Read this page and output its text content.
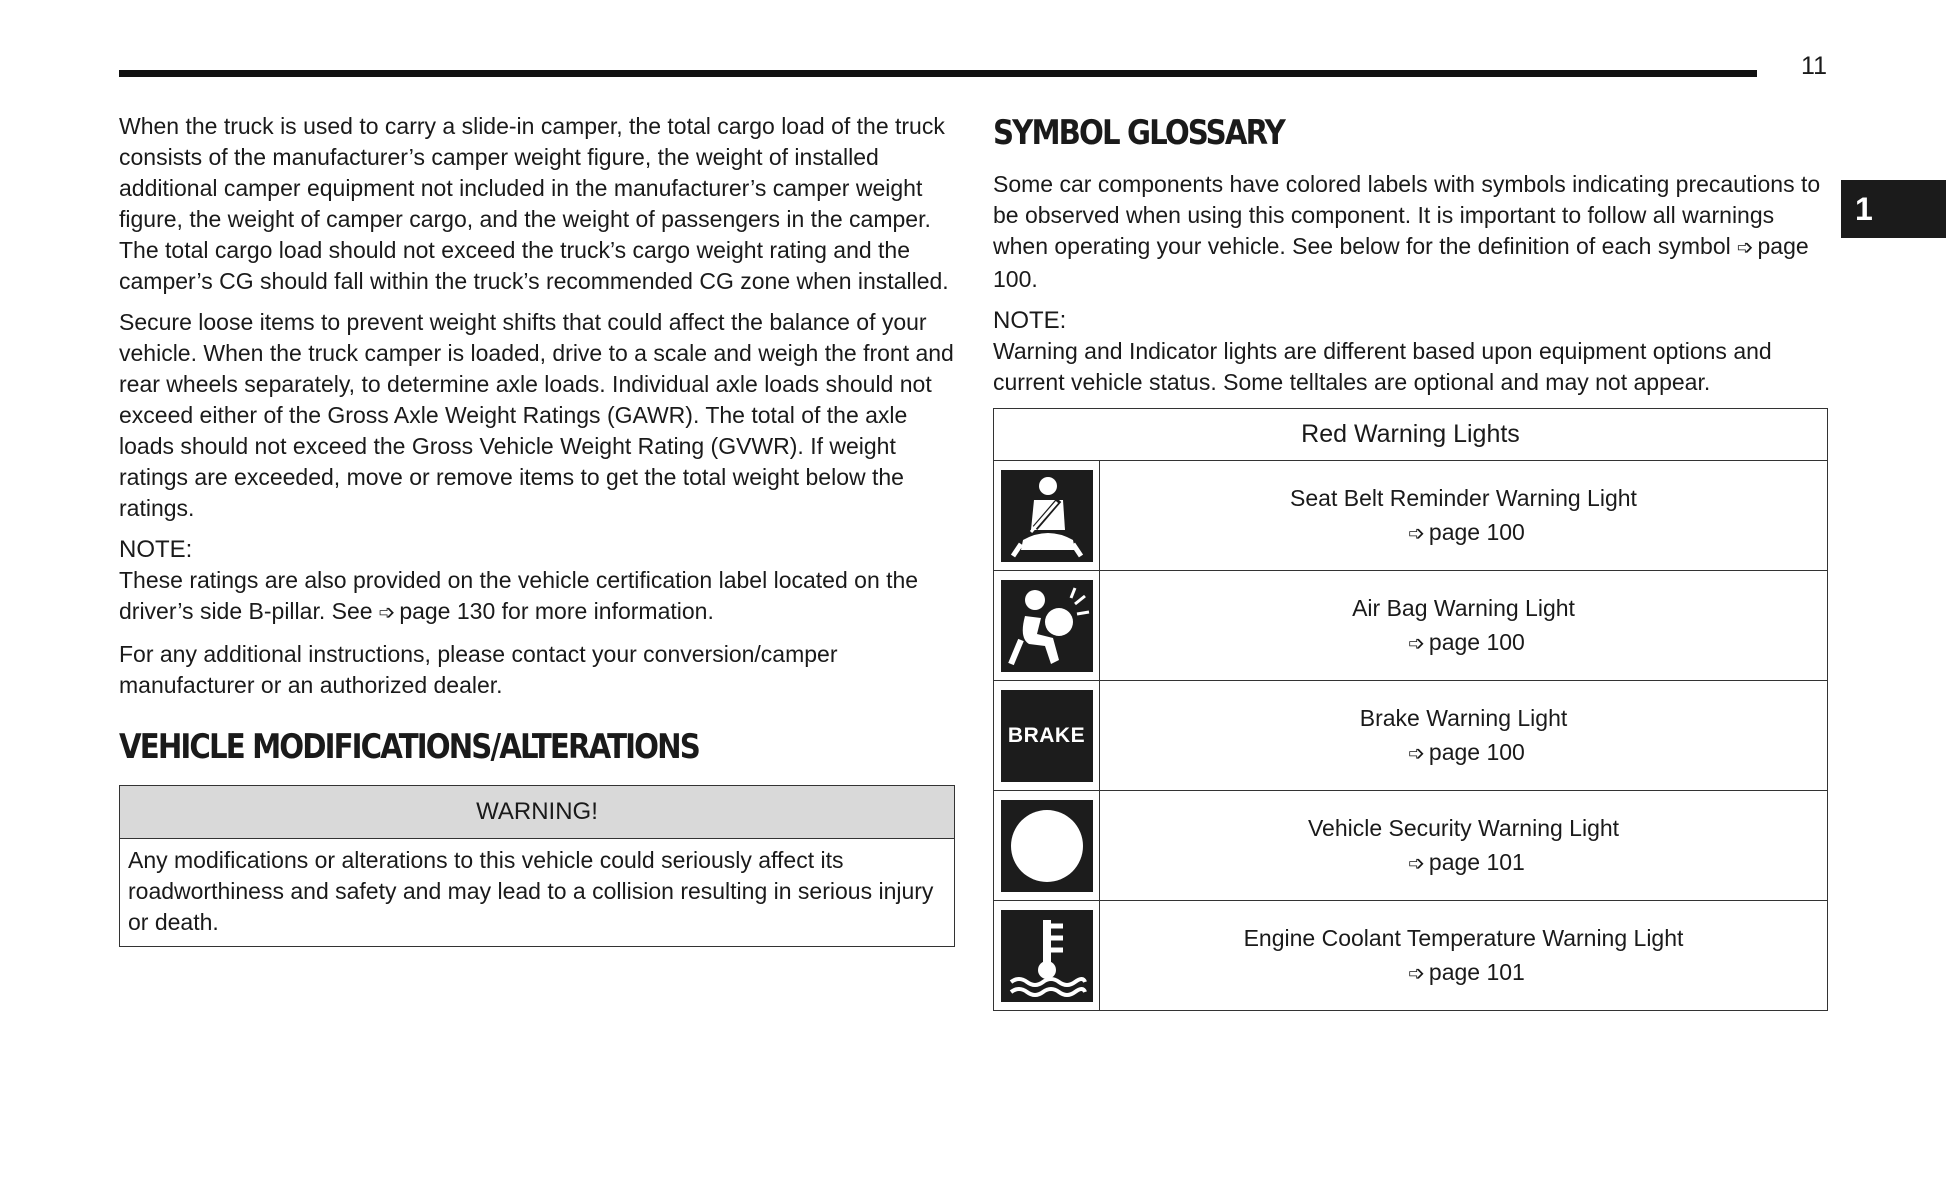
11
1

When the truck is used to carry a slide-in camper, the total cargo load of the truck consists of the manufacturer’s camper weight figure, the weight of installed additional camper equipment not included in the manufacturer’s camper weight figure, the weight of camper cargo, and the weight of passengers in the camper. The total cargo load should not exceed the truck’s cargo weight rating and the camper’s CG should fall within the truck’s recommended CG zone when installed.

Secure loose items to prevent weight shifts that could affect the balance of your vehicle. When the truck camper is loaded, drive to a scale and weigh the front and rear wheels separately, to determine axle loads. Individual axle loads should not exceed either of the Gross Axle Weight Ratings (GAWR). The total of the axle loads should not exceed the Gross Vehicle Weight Rating (GVWR). If weight ratings are exceeded, move or remove items to get the total weight below the ratings.

NOTE:

These ratings are also provided on the vehicle certification label located on the driver’s side B-pillar. See ➩ page 130 for more information.

For any additional instructions, please contact your conversion/camper manufacturer or an authorized dealer.

VEHICLE MODIFICATIONS/ALTERATIONS
WARNING!
Any modifications or alterations to this vehicle could seriously affect its roadworthiness and safety and may lead to a collision resulting in serious injury or death.
SYMBOL GLOSSARY

Some car components have colored labels with symbols indicating precautions to be observed when using this component. It is important to follow all warnings when operating your vehicle. See below for the definition of each symbol ➩ page 100.

NOTE:

Warning and Indicator lights are different based upon equipment options and current vehicle status. Some telltales are optional and may not appear.

Red Warning Lights	

Seat Belt Reminder Warning Light
➩ page 100

Air Bag Warning Light
➩ page 100

BRAKE	Brake Warning Light
➩ page 100

Vehicle Security Warning Light
➩ page 101

Engine Coolant Temperature Warning Light
➩ page 101
